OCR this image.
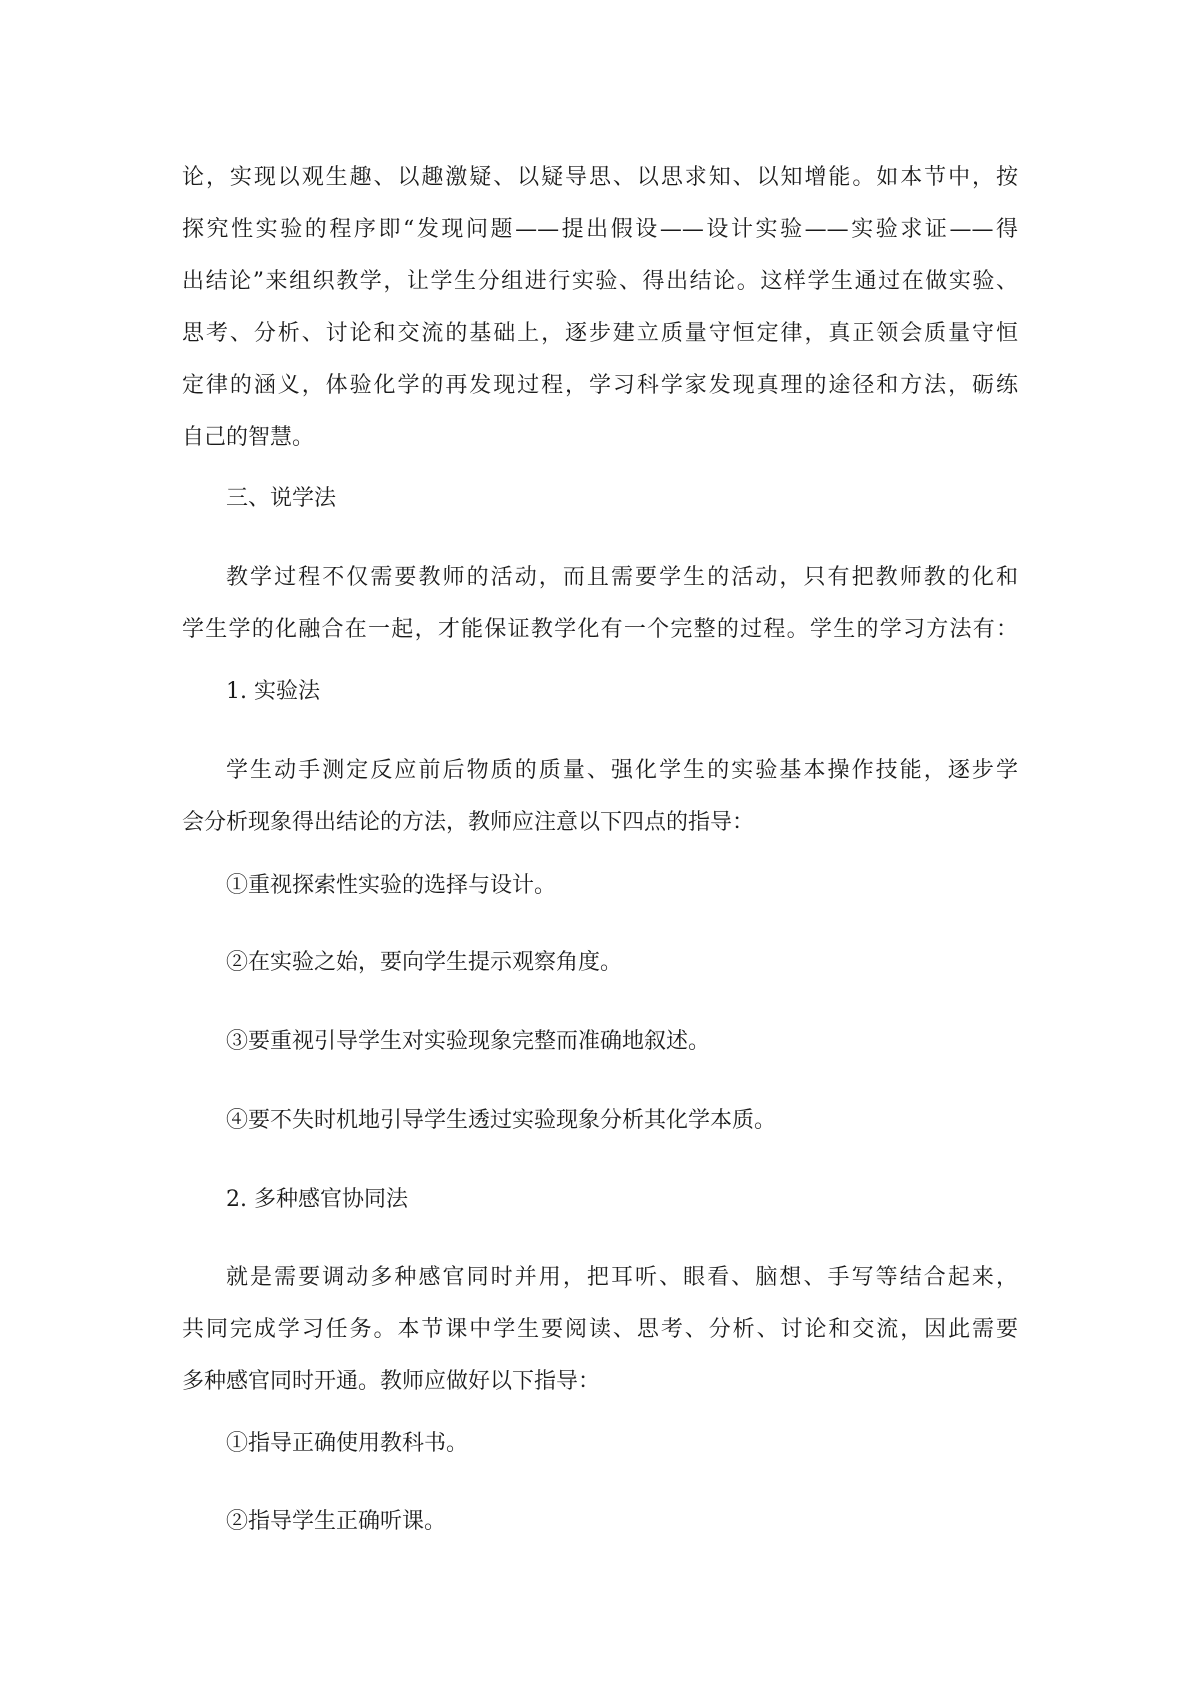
论，实现以观生趣、以趣激疑、以疑导思、以思求知、以知增能。如本节中，按
探究性实验的程序即“发现问题——提出假设——设计实验——实验求证——得
出结论”来组织教学，让学生分组进行实验、得出结论。这样学生通过在做实验、
思考、分析、讨论和交流的基础上，逐步建立质量守恒定律，真正领会质量守恒
定律的涵义，体验化学的再发现过程，学习科学家发现真理的途径和方法，砺练
自己的智慧。
三、说学法
教学过程不仅需要教师的活动，而且需要学生的活动，只有把教师教的化和
学生学的化融合在一起，才能保证教学化有一个完整的过程。学生的学习方法有：
1. 实验法
学生动手测定反应前后物质的质量、强化学生的实验基本操作技能，逐步学
会分析现象得出结论的方法，教师应注意以下四点的指导：
①重视探索性实验的选择与设计。
②在实验之始，要向学生提示观察角度。
③要重视引导学生对实验现象完整而准确地叙述。
④要不失时机地引导学生透过实验现象分析其化学本质。
2. 多种感官协同法
就是需要调动多种感官同时并用，把耳听、眼看、脑想、手写等结合起来，
共同完成学习任务。本节课中学生要阅读、思考、分析、讨论和交流，因此需要
多种感官同时开通。教师应做好以下指导：
①指导正确使用教科书。
②指导学生正确听课。
